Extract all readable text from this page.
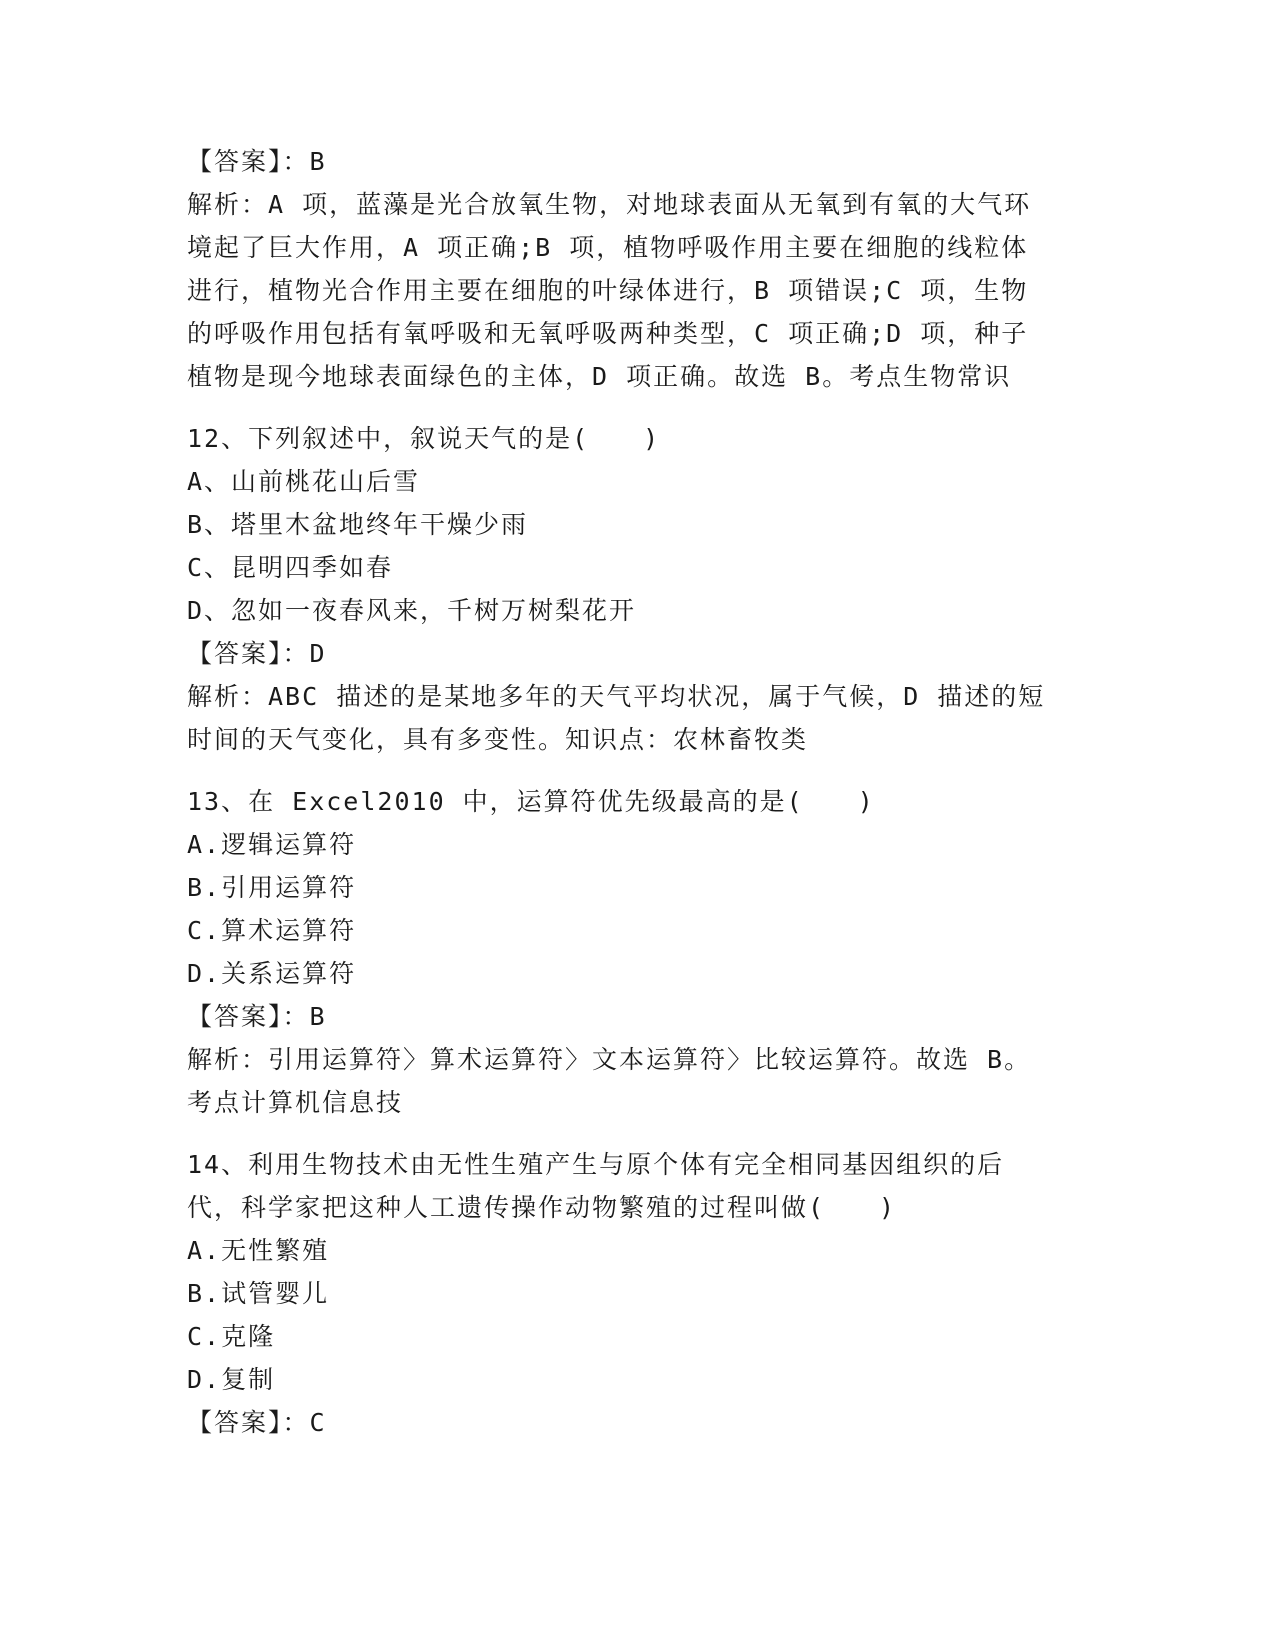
【答案】：B
解析：A 项，蓝藻是光合放氧生物，对地球表面从无氧到有氧的大气环
境起了巨大作用，A 项正确;B 项，植物呼吸作用主要在细胞的线粒体
进行，植物光合作用主要在细胞的叶绿体进行，B 项错误;C 项，生物
的呼吸作用包括有氧呼吸和无氧呼吸两种类型，C 项正确;D 项，种子
植物是现今地球表面绿色的主体，D 项正确。故选 B。考点生物常识
12、下列叙述中，叙说天气的是(　　)
A、山前桃花山后雪
B、塔里木盆地终年干燥少雨
C、昆明四季如春
D、忽如一夜春风来，千树万树梨花开
【答案】：D
解析：ABC 描述的是某地多年的天气平均状况，属于气候，D 描述的短
时间的天气变化，具有多变性。知识点：农林畜牧类
13、在 Excel2010 中，运算符优先级最高的是(　　)
A.逻辑运算符
B.引用运算符
C.算术运算符
D.关系运算符
【答案】：B
解析：引用运算符〉算术运算符〉文本运算符〉比较运算符。故选 B。
考点计算机信息技
14、利用生物技术由无性生殖产生与原个体有完全相同基因组织的后
代，科学家把这种人工遗传操作动物繁殖的过程叫做(　　)
A.无性繁殖
B.试管婴儿
C.克隆
D.复制
【答案】：C
